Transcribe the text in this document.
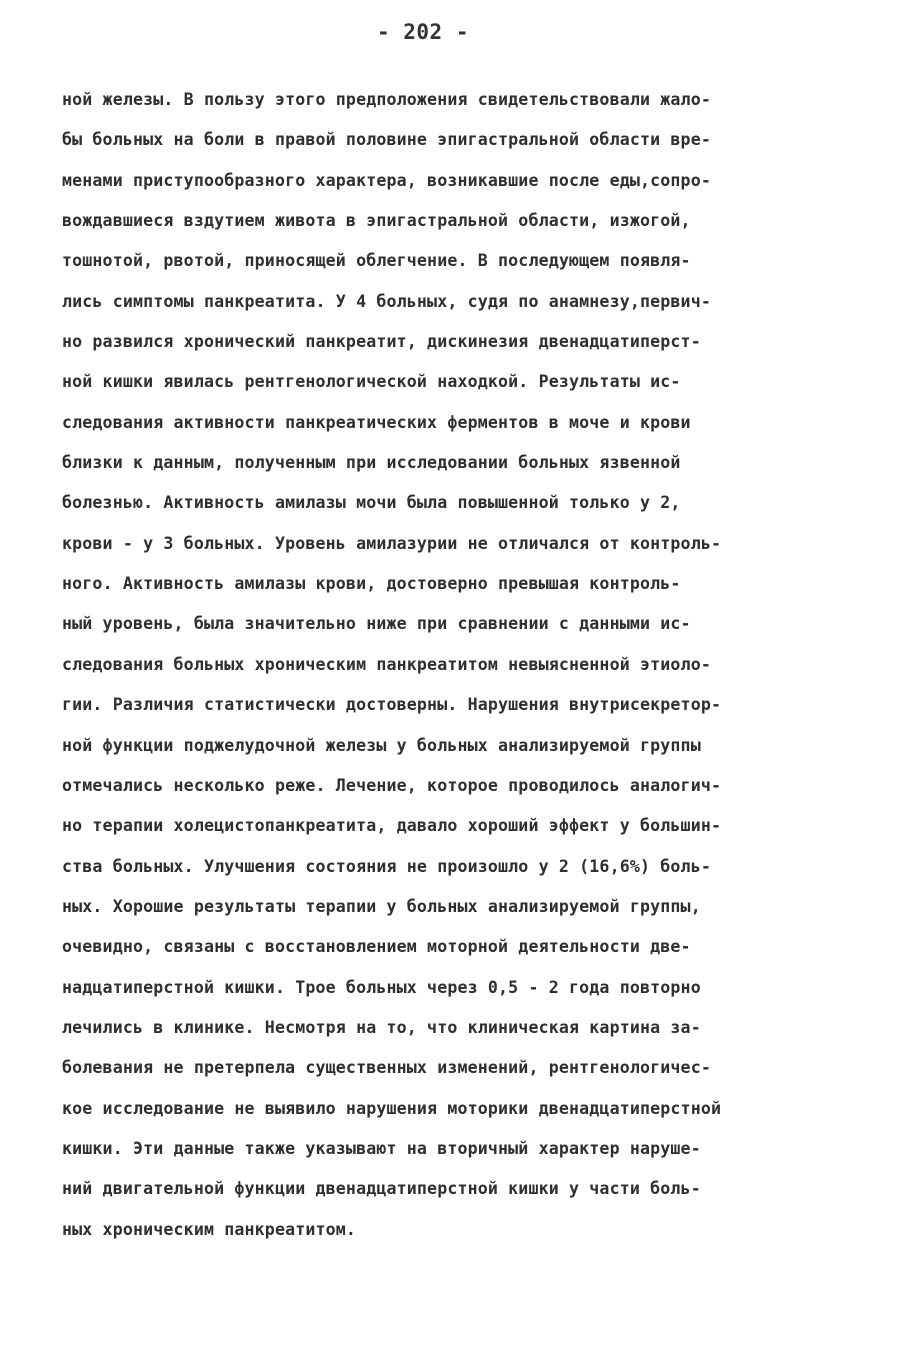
- 202 -
ной железы. В пользу этого предположения свидетельствовали жало-
бы больных на боли в правой половине эпигастральной области вре-
менами приступообразного характера, возникавшие после еды,сопро-
вождавшиеся вздутием живота в эпигастральной области, изжогой,
тошнотой, рвотой, приносящей облегчение. В последующем появля-
лись симптомы панкреатита. У 4 больных, судя по анамнезу,первич-
но развился хронический панкреатит, дискинезия двенадцатиперст-
ной кишки явилась рентгенологической находкой. Результаты ис-
следования активности панкреатических ферментов в моче и крови
близки к данным, полученным при исследовании больных язвенной
болезнью. Активность амилазы мочи была повышенной только у 2,
крови - у 3 больных. Уровень амилазурии не отличался от контроль-
ного. Активность амилазы крови, достоверно превышая контроль-
ный уровень, была значительно ниже при сравнении с данными ис-
следования больных хроническим панкреатитом невыясненной этиоло-
гии. Различия статистически достоверны. Нарушения внутрисекретор-
ной функции поджелудочной железы у больных анализируемой группы
отмечались несколько реже. Лечение, которое проводилось аналогич-
но терапии холецистопанкреатита, давало хороший эффект у большин-
ства больных. Улучшения состояния не произошло у 2 (16,6%) боль-
ных. Хорошие результаты терапии у больных анализируемой группы,
очевидно, связаны с восстановлением моторной деятельности две-
надцатиперстной кишки. Трое больных через 0,5 - 2 года повторно
лечились в клинике. Несмотря на то, что клиническая картина за-
болевания не претерпела существенных изменений, рентгенологичес-
кое исследование не выявило нарушения моторики двенадцатиперстной
кишки. Эти данные также указывают на вторичный характер наруше-
ний двигательной функции двенадцатиперстной кишки у части боль-
ных хроническим панкреатитом.
